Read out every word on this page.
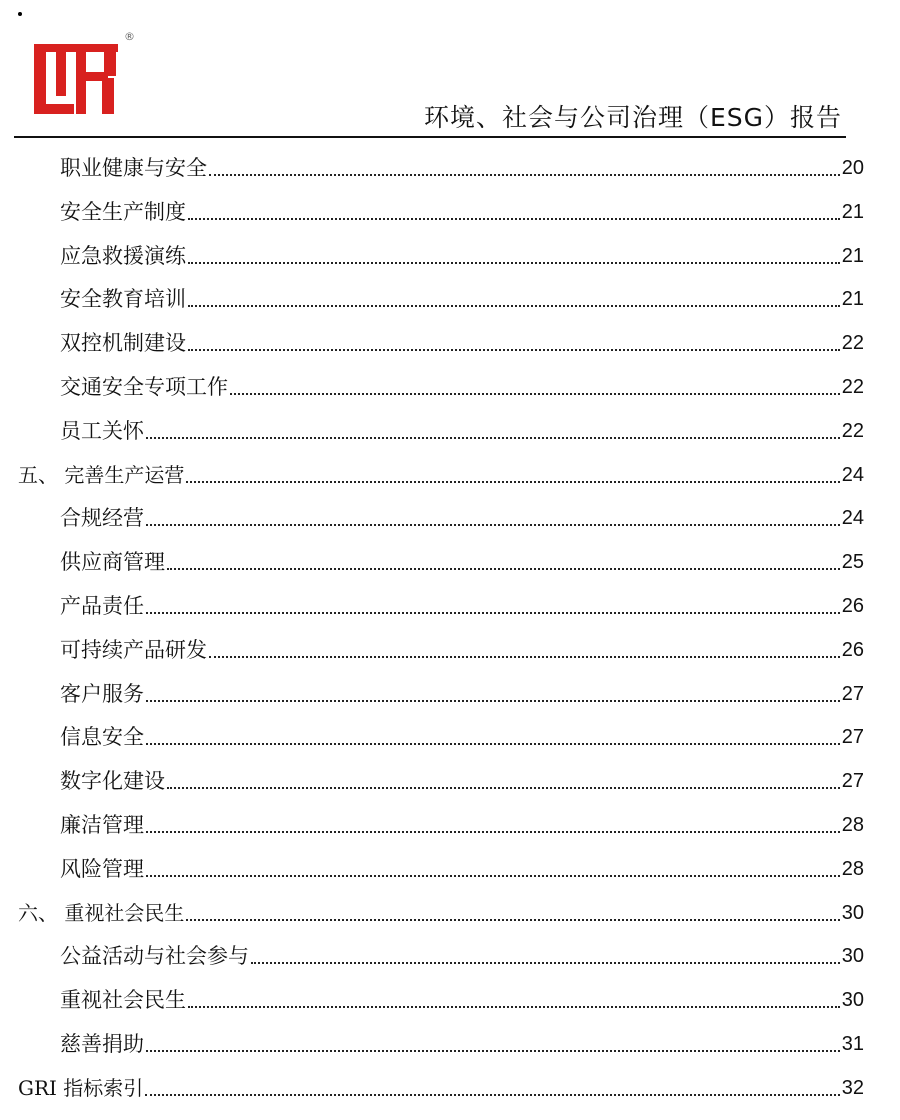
®
环境、社会与公司治理（ESG）报告
职业健康与安全	20
安全生产制度	21
应急救援演练	21
安全教育培训	21
双控机制建设	22
交通安全专项工作	22
员工关怀	22
五、 完善生产运营	24
合规经营	24
供应商管理	25
产品责任	26
可持续产品研发	26
客户服务	27
信息安全	27
数字化建设	27
廉洁管理	28
风险管理	28
六、 重视社会民生	30
公益活动与社会参与	30
重视社会民生	30
慈善捐助	31
GRI 指标索引	32
